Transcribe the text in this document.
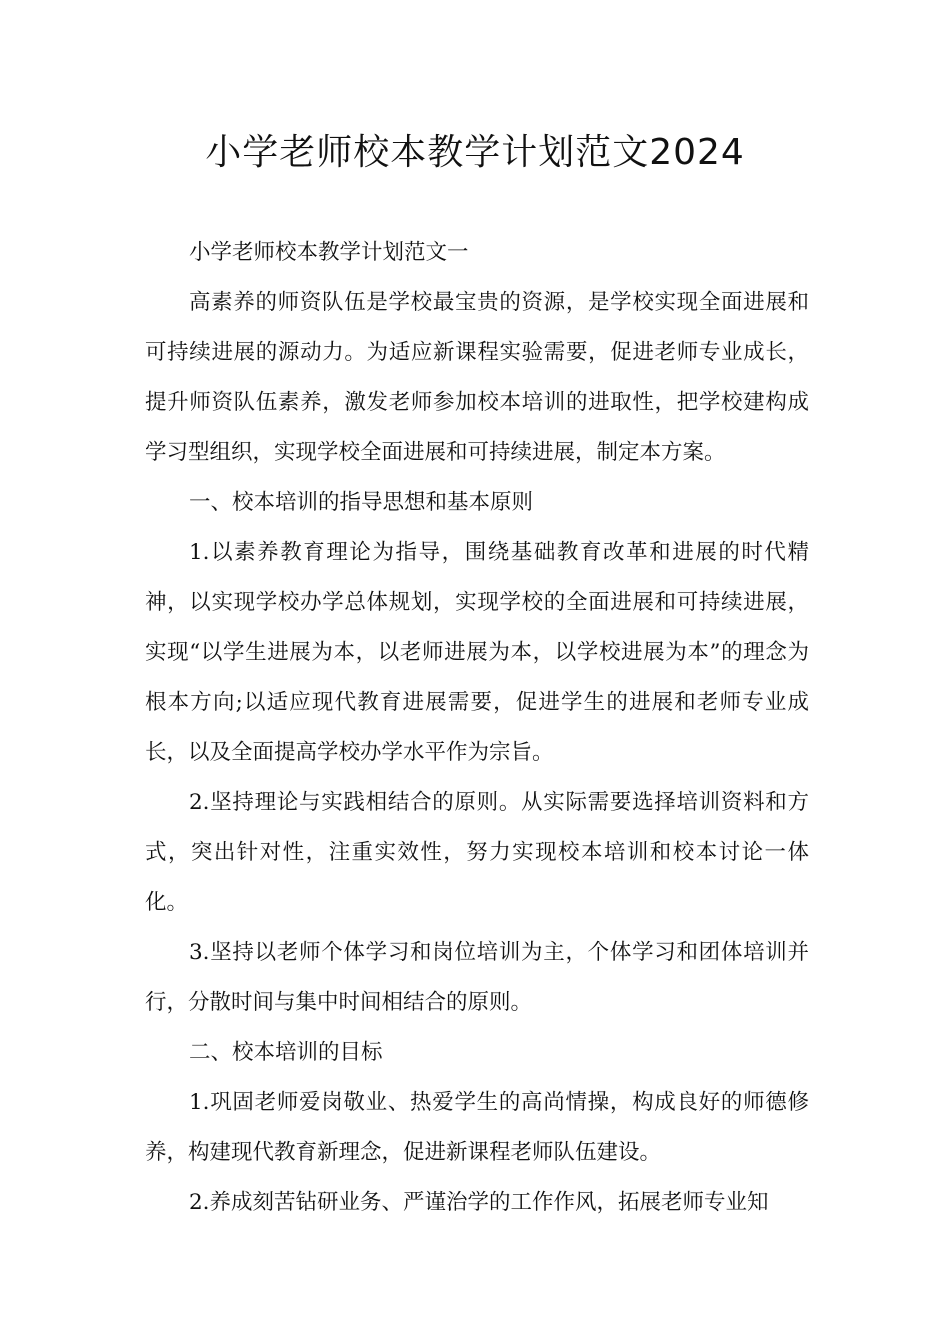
小学老师校本教学计划范文2024

小学老师校本教学计划范文一

高素养的师资队伍是学校最宝贵的资源，是学校实现全面进展和可持续进展的源动力。为适应新课程实验需要，促进老师专业成长，提升师资队伍素养，激发老师参加校本培训的进取性，把学校建构成学习型组织，实现学校全面进展和可持续进展，制定本方案。

一、校本培训的指导思想和基本原则

1.以素养教育理论为指导，围绕基础教育改革和进展的时代精神，以实现学校办学总体规划，实现学校的全面进展和可持续进展，实现“以学生进展为本，以老师进展为本，以学校进展为本”的理念为根本方向;以适应现代教育进展需要，促进学生的进展和老师专业成长，以及全面提高学校办学水平作为宗旨。

2.坚持理论与实践相结合的原则。从实际需要选择培训资料和方式，突出针对性，注重实效性，努力实现校本培训和校本讨论一体化。

3.坚持以老师个体学习和岗位培训为主，个体学习和团体培训并行，分散时间与集中时间相结合的原则。

二、校本培训的目标

1.巩固老师爱岗敬业、热爱学生的高尚情操，构成良好的师德修养，构建现代教育新理念，促进新课程老师队伍建设。

2.养成刻苦钻研业务、严谨治学的工作作风，拓展老师专业知
